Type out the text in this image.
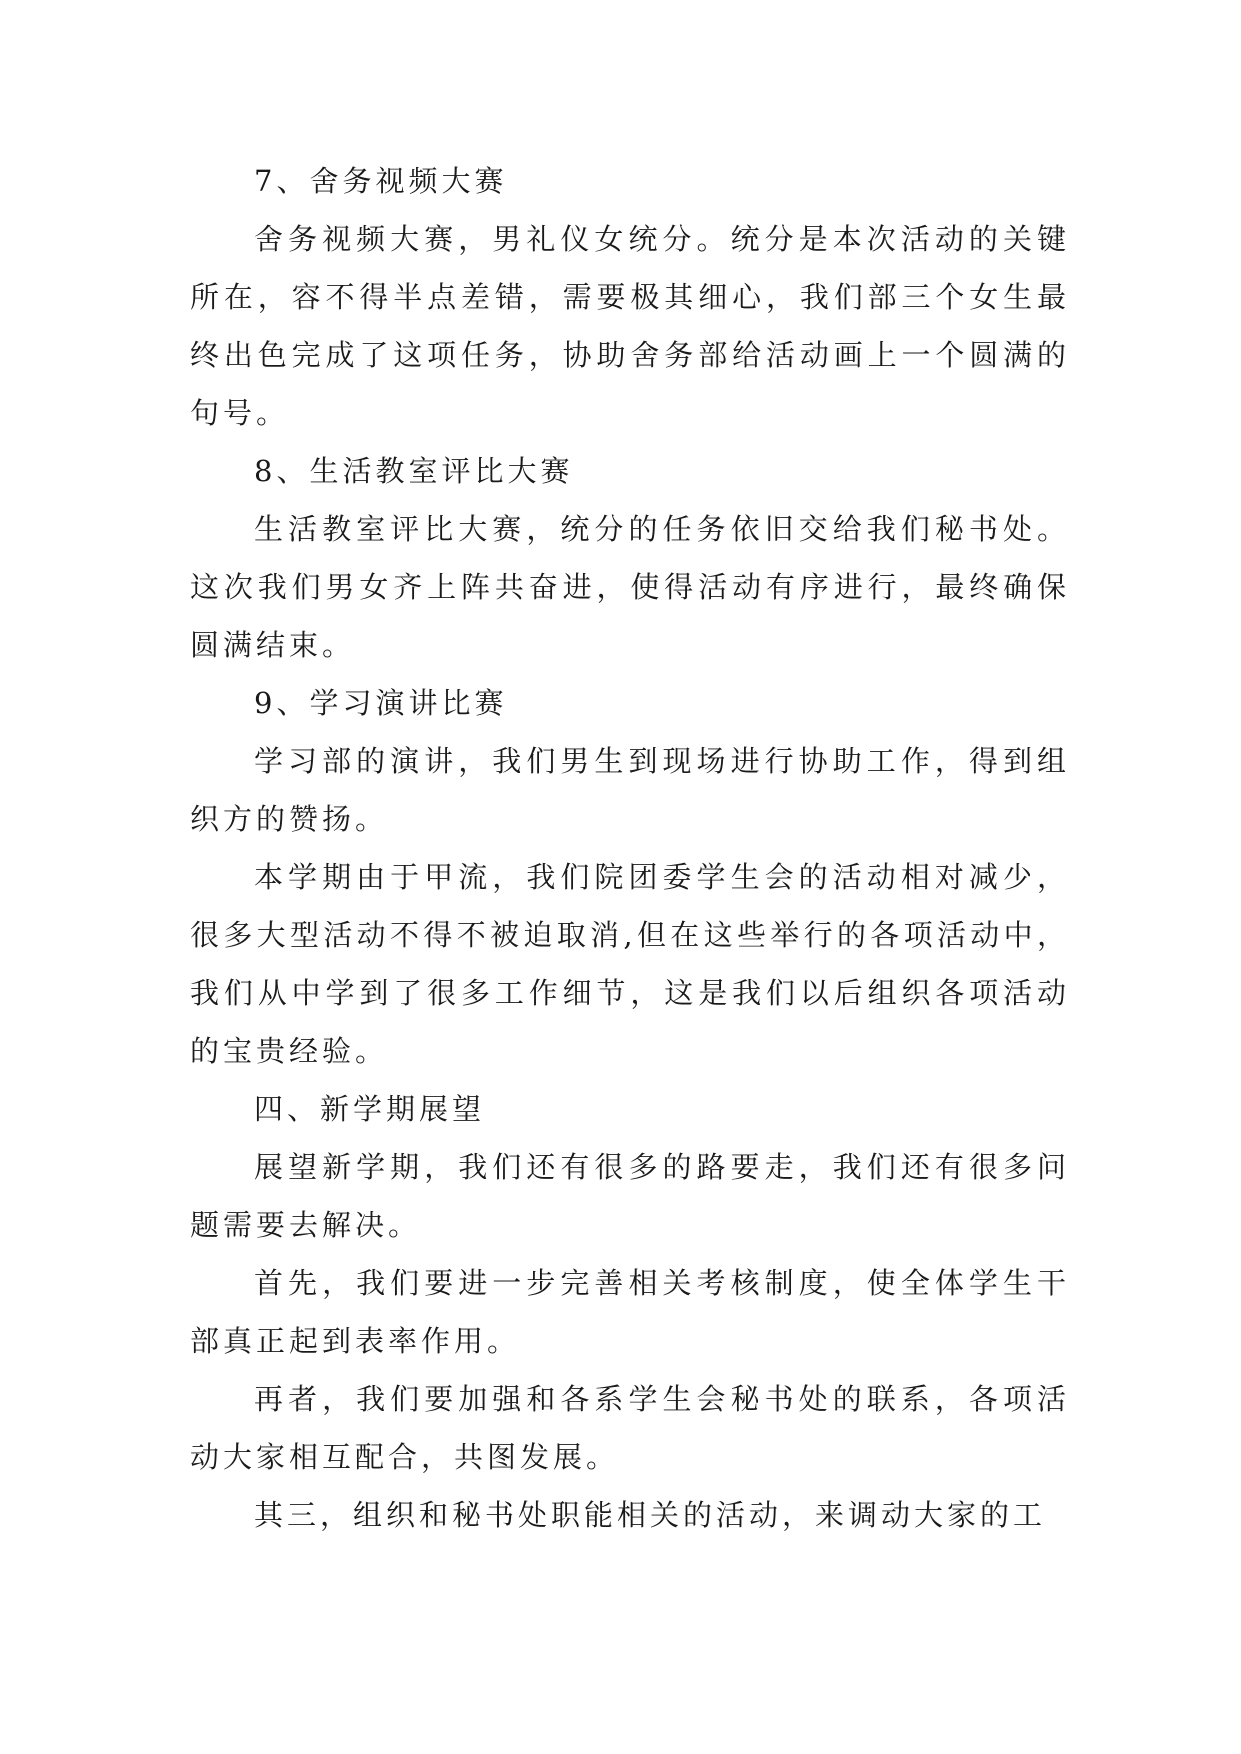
7、舍务视频大赛

舍务视频大赛，男礼仪女统分。统分是本次活动的关键所在，容不得半点差错，需要极其细心，我们部三个女生最终出色完成了这项任务，协助舍务部给活动画上一个圆满的句号。

8、生活教室评比大赛

生活教室评比大赛，统分的任务依旧交给我们秘书处。这次我们男女齐上阵共奋进，使得活动有序进行，最终确保圆满结束。

9、学习演讲比赛

学习部的演讲，我们男生到现场进行协助工作，得到组织方的赞扬。

本学期由于甲流，我们院团委学生会的活动相对减少，很多大型活动不得不被迫取消,但在这些举行的各项活动中，我们从中学到了很多工作细节，这是我们以后组织各项活动的宝贵经验。

四、新学期展望

展望新学期，我们还有很多的路要走，我们还有很多问题需要去解决。

首先，我们要进一步完善相关考核制度，使全体学生干部真正起到表率作用。

再者，我们要加强和各系学生会秘书处的联系，各项活动大家相互配合，共图发展。

其三，组织和秘书处职能相关的活动，来调动大家的工
